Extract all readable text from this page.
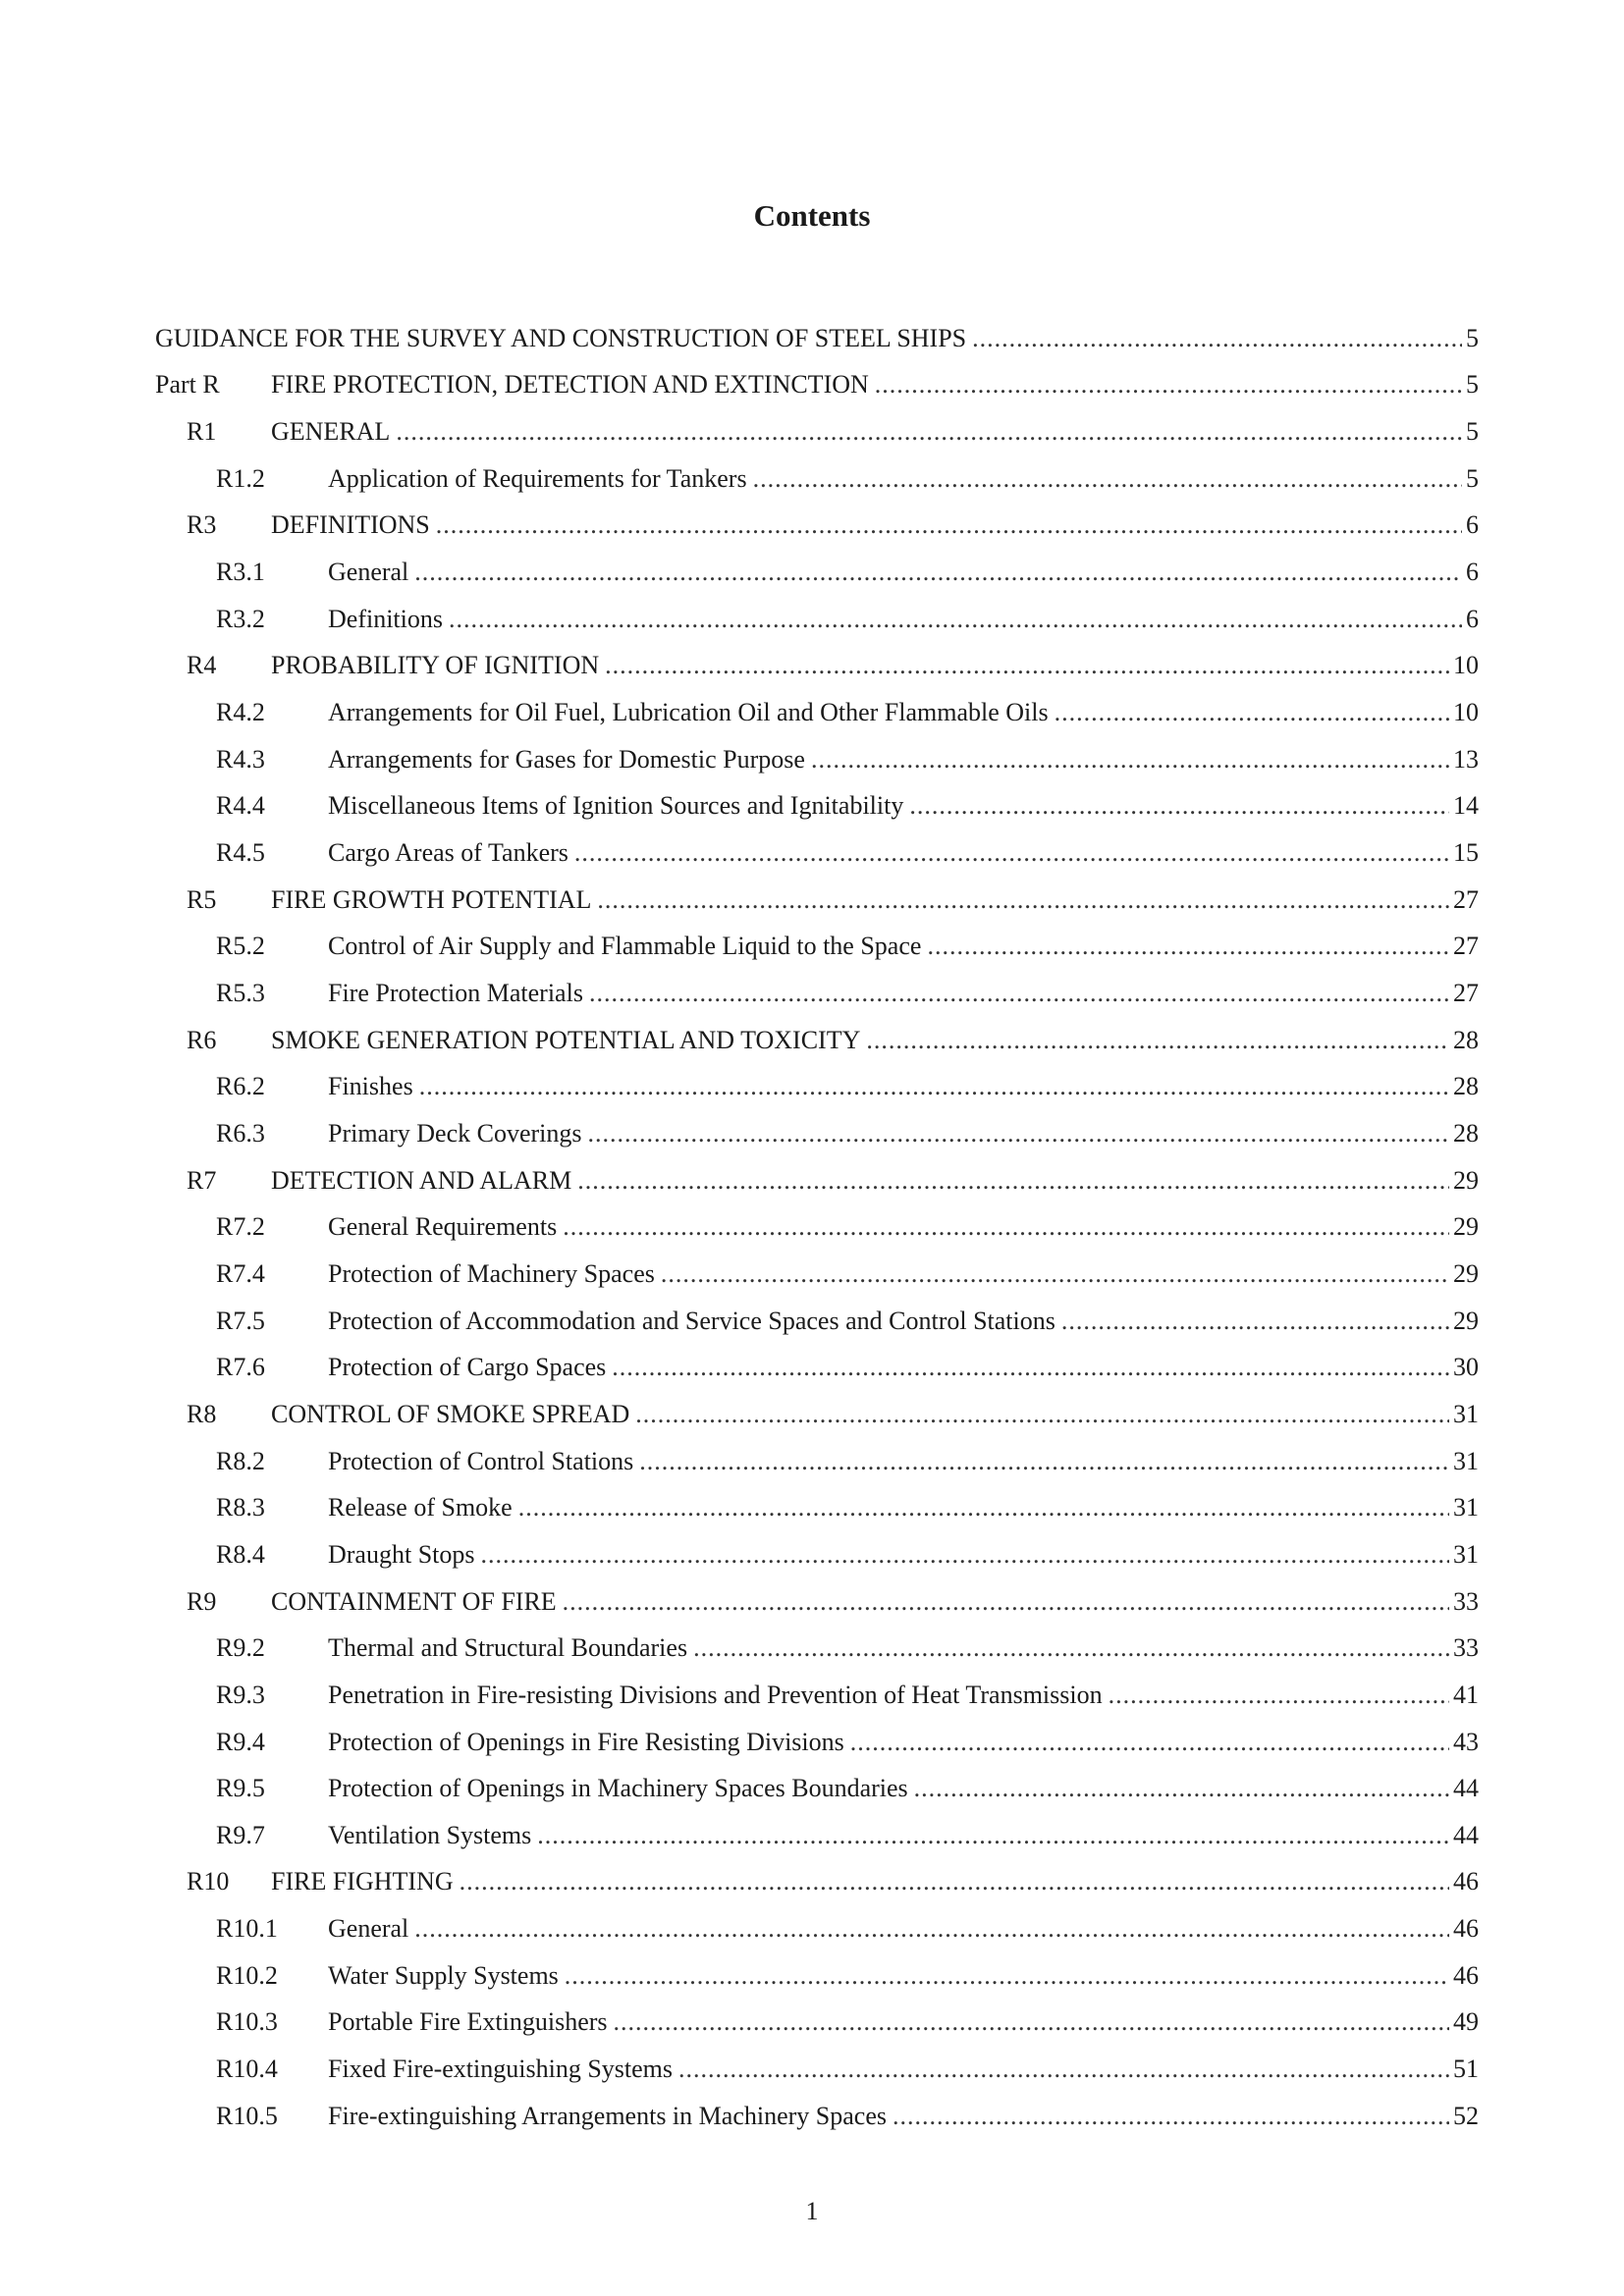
Contents
GUIDANCE FOR THE SURVEY AND CONSTRUCTION OF STEEL SHIPS .....	5
Part R	FIRE PROTECTION, DETECTION AND EXTINCTION .....	5
R1	GENERAL .....	5
R1.2	Application of Requirements for Tankers .....	5
R3	DEFINITIONS .....	6
R3.1	General .....	6
R3.2	Definitions .....	6
R4	PROBABILITY OF IGNITION .....	10
R4.2	Arrangements for Oil Fuel, Lubrication Oil and Other Flammable Oils .....	10
R4.3	Arrangements for Gases for Domestic Purpose .....	13
R4.4	Miscellaneous Items of Ignition Sources and Ignitability .....	14
R4.5	Cargo Areas of Tankers .....	15
R5	FIRE GROWTH POTENTIAL .....	27
R5.2	Control of Air Supply and Flammable Liquid to the Space .....	27
R5.3	Fire Protection Materials .....	27
R6	SMOKE GENERATION POTENTIAL AND TOXICITY .....	28
R6.2	Finishes .....	28
R6.3	Primary Deck Coverings .....	28
R7	DETECTION AND ALARM .....	29
R7.2	General Requirements .....	29
R7.4	Protection of Machinery Spaces .....	29
R7.5	Protection of Accommodation and Service Spaces and Control Stations .....	29
R7.6	Protection of Cargo Spaces .....	30
R8	CONTROL OF SMOKE SPREAD .....	31
R8.2	Protection of Control Stations .....	31
R8.3	Release of Smoke .....	31
R8.4	Draught Stops .....	31
R9	CONTAINMENT OF FIRE .....	33
R9.2	Thermal and Structural Boundaries .....	33
R9.3	Penetration in Fire-resisting Divisions and Prevention of Heat Transmission .....	41
R9.4	Protection of Openings in Fire Resisting Divisions .....	43
R9.5	Protection of Openings in Machinery Spaces Boundaries .....	44
R9.7	Ventilation Systems .....	44
R10	FIRE FIGHTING .....	46
R10.1	General .....	46
R10.2	Water Supply Systems .....	46
R10.3	Portable Fire Extinguishers .....	49
R10.4	Fixed Fire-extinguishing Systems .....	51
R10.5	Fire-extinguishing Arrangements in Machinery Spaces .....	52
1
